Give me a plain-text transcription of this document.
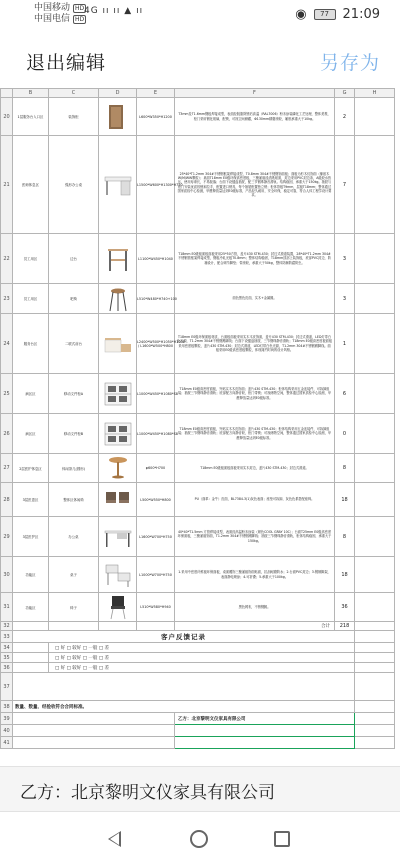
中国移动 HD
中国电信 HD
4G ıı ıı ▲ ıı	◉	77	21:09
退出编辑	另存为
	B	C	D	E	F	G	H
20	1层服务台入口区	装饰柜		L600*W350*H1200	T3mm及T1.6mm钢板焊接成型，表面经脱脂除锈后高温（RAL7006）粉末涂装磷化工艺处理，整体美观，柜门采用钢化玻璃，配锁，可视空间储藏，Φ130mm精磨滚轮，厢框承重大于10kg。	2	
21	医师休息区	弧形办公桌		L1500*W600*H1300*H750	25*40*T1.2mm 304#不锈钢框架焊接成型，T0.8mm 304#不锈钢饰面板；面板为杉木纹饰面（橡胶木W/M/WW颗粒）；桌面T18mm E0级环保高密度板，三聚氰胺浸渍纸贴面，封边采用PVC封边条，A级胶水热压，使用寿命长，不易脱落；台面下设键盘抽屉，配三节钢珠静音滑轨。结构稳固，承重大于150kg。抽屉与柜门安装优质铰链和拉手，配置进口锁具，每个抽屉配置独立锁；柜体背板T9mm，层板T18mm；整体通过国家质检中心检测，甲醛释放量达到E0级标准，产品经久耐用，安全环保，稳定可靠，符合人体工程学设计要求。	7	
22	员工用区	边台		L1100*W450*H1040	T18mm E0级板面板面板采用25*50方管，盖片430 STM-430；封边式滑道装置，28*40*T1.2mm 304#不锈钢管框架焊接成型，钢板冷轧光板T0.8mm；整体结构稳固，T18mm顶部上装饰板，底部PVC封边，防撞设计，配合调节脚垫；带滚轮，承重大于50kg，整体防潮防腐防虫。	3	
23	员工用区	吧椅		L510*W480*H740+100	面色黑色皮面，实木+金属腿。	3	
24	服务台区	二联式前台		L2400*W500*H1050*H1000 / L1600*W500*H800	T18mm E0级环保面板材质，台面板面板采用实木木皮饰面，盖片430 STM-430；封边式滑道，LED灯带白色光源，T1.2mm 304#不锈钢踢脚线；台面下设键盘抽屉，三节钢珠静音滑轨；T18mm E0级高密度板面板采用密度板颗粒，盖片430 STM-430；封边式滑道，LED灯带白色光源，T1.2mm 304#不锈钢踢脚线。面板采用E0级高密度板颗粒，体现简约时尚的设计风格。	1	
25	病区区	移动文件柜A		L1000*W450*H1080*S8	T18mm E0级高密度面板，外贴实木木皮饰面；盖片430 STM-430；柜体结构采用五金连接件，可拆卸组装；抽屉三节钢珠静音滑轨；底部配万向静音轮，柜门带锁；可视储物空间，整体通过国家质检中心检测，甲醛释放量达到E0级标准。	6	
26	病区区	移动文件柜B		L1000*W450*H1080*S8	T18mm E0级高密度面板，外贴实木木皮饰面；盖片430 STM-430；柜体结构采用五金连接件，可拆卸组装；抽屉三节钢珠静音滑轨；底部配万向静音轮，柜门带锁；可视储物空间，整体通过国家质检中心检测，甲醛释放量达到E0级标准。	0	
27	2层医护休息区	休闲茶几(圆形)		φ600*H700	T18mm E0级板面板面板采用实木封边，盖片430 STM-430；封边式滑道。	8	
28	3层医患区	整体区休闲椅		L500*W550*H800	PU（面革：金牛）皮面，BL7384-3(1)灰色表面；座垫可拆卸，灰色色系搭配座椅。	18	
29	3层医护区	办公桌		L1600*W700*H750	40*40*T1.5mm 方管焊接成型，表面经高温粉末涂装（颜色COOL GRAY 10C）；台面T25mm E0级高密度环保面板，三聚氰胺饰面，T1.2mm 304#不锈钢踢脚线；抽屉三节钢珠静音滑轨，柜体结构稳固，承重大于150kg。	8	
30	功能区	桌子		L1000*W700*H750	1.采用中密度纤维板环保面板，桌面覆饰三聚氰胺饰面贴面，抗刮耐磨防水；2.台面PVC封边；3.钢制脚架，表面静电喷涂；4.可折叠；5.承重大于100kg。	18	
31	功能区	椅子		L510*W580*H940	黑色网布，不锈钢腿。	36	
32					合计	218	
33	客户反馈记录						
34		□ 好 □ 较好 □ 一般 □ 差					
35		□ 好 □ 较好 □ 一般 □ 差					
36		□ 好 □ 较好 □ 一般 □ 差					
37							
38	数量、数量、经验收符合合同标准。						
39					乙方：北京黎明文仪家具有限公司		
40							
41							
乙方：北京黎明文仪家具有限公司
